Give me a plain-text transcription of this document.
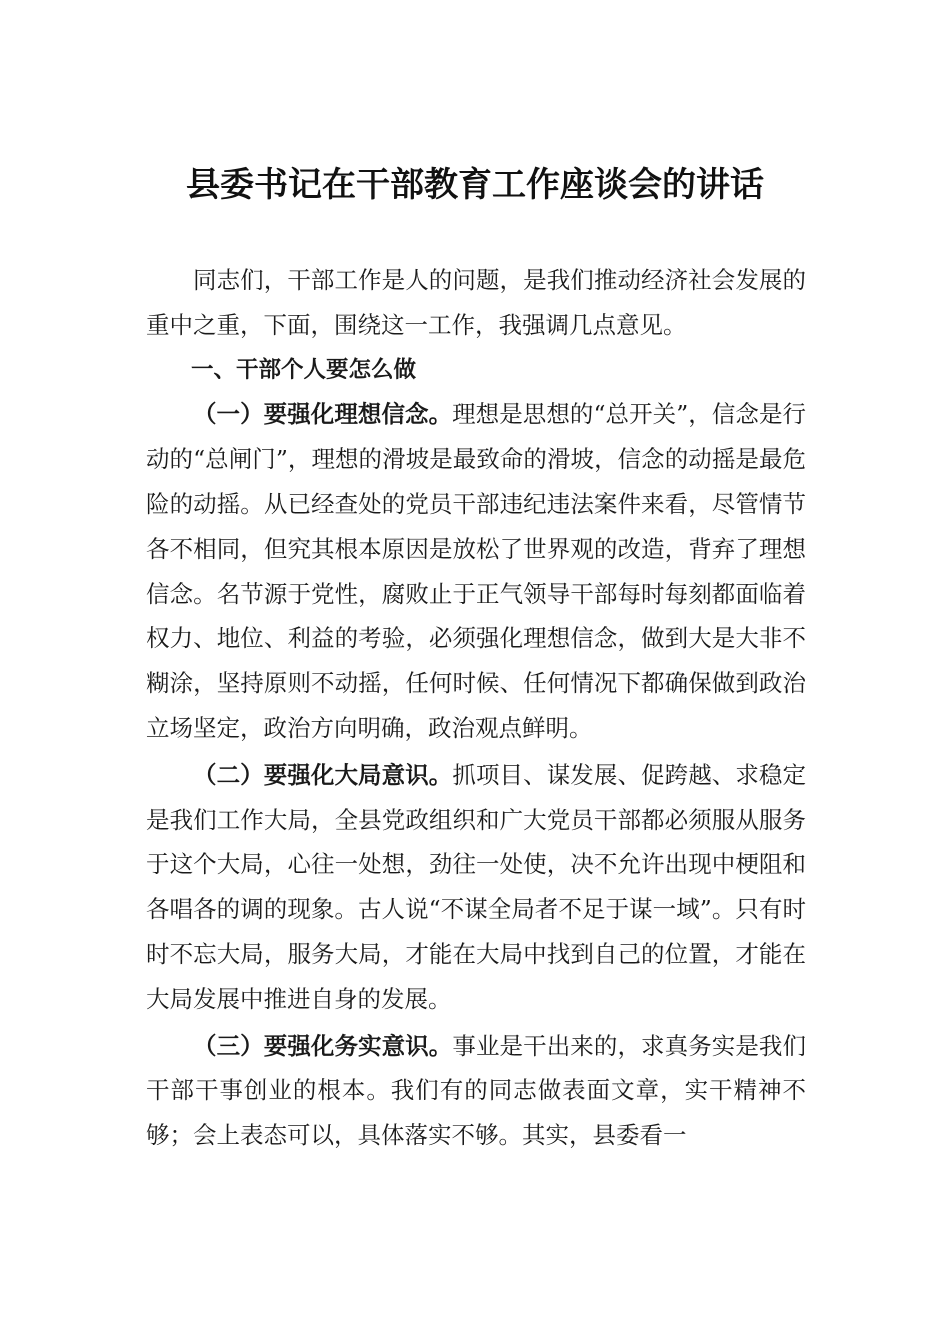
县委书记在干部教育工作座谈会的讲话

同志们，干部工作是人的问题，是我们推动经济社会发展的重中之重，下面，围绕这一工作，我强调几点意见。

一、干部个人要怎么做

（一）要强化理想信念。理想是思想的“总开关”，信念是行动的“总闸门”，理想的滑坡是最致命的滑坡，信念的动摇是最危险的动摇。从已经查处的党员干部违纪违法案件来看，尽管情节各不相同，但究其根本原因是放松了世界观的改造，背弃了理想信念。名节源于党性，腐败止于正气领导干部每时每刻都面临着权力、地位、利益的考验，必须强化理想信念，做到大是大非不糊涂，坚持原则不动摇，任何时候、任何情况下都确保做到政治立场坚定，政治方向明确，政治观点鲜明。

（二）要强化大局意识。抓项目、谋发展、促跨越、求稳定是我们工作大局，全县党政组织和广大党员干部都必须服从服务于这个大局，心往一处想，劲往一处使，决不允许出现中梗阻和各唱各的调的现象。古人说“不谋全局者不足于谋一域”。只有时时不忘大局，服务大局，才能在大局中找到自己的位置，才能在大局发展中推进自身的发展。

（三）要强化务实意识。事业是干出来的，求真务实是我们干部干事创业的根本。我们有的同志做表面文章，实干精神不够；会上表态可以，具体落实不够。其实，县委看一
